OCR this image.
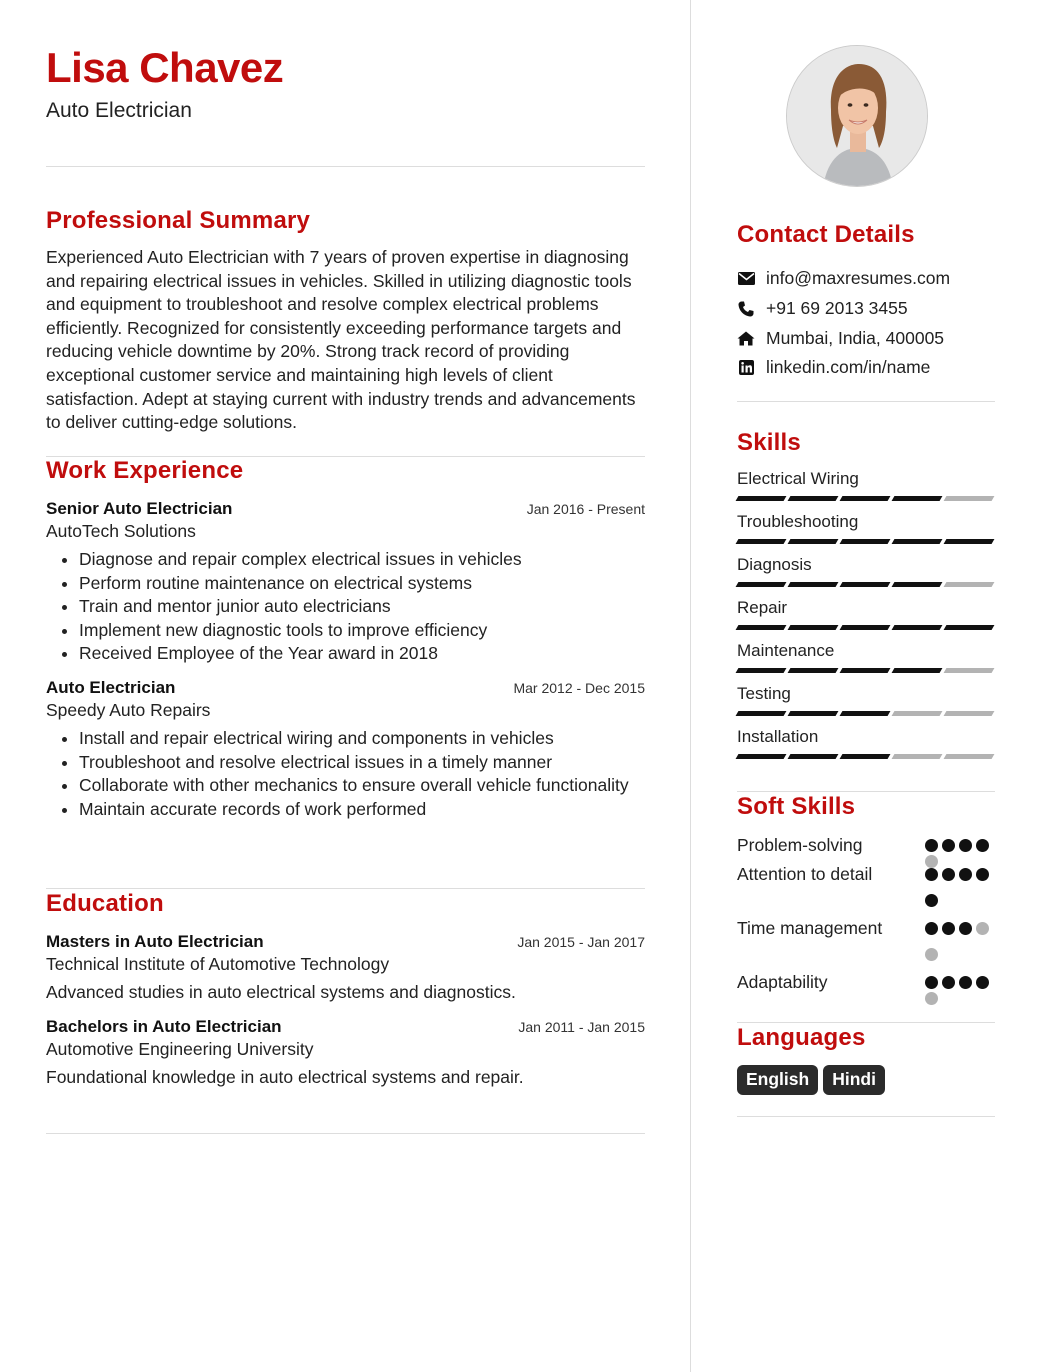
Lisa Chavez
Auto Electrician
Professional Summary
Experienced Auto Electrician with 7 years of proven expertise in diagnosing and repairing electrical issues in vehicles. Skilled in utilizing diagnostic tools and equipment to troubleshoot and resolve complex electrical problems efficiently. Recognized for consistently exceeding performance targets and reducing vehicle downtime by 20%. Strong track record of providing exceptional customer service and maintaining high levels of client satisfaction. Adept at staying current with industry trends and advancements to deliver cutting-edge solutions.
Work Experience
Senior Auto Electrician	Jan 2016 - Present
AutoTech Solutions
Diagnose and repair complex electrical issues in vehicles
Perform routine maintenance on electrical systems
Train and mentor junior auto electricians
Implement new diagnostic tools to improve efficiency
Received Employee of the Year award in 2018
Auto Electrician	Mar 2012 - Dec 2015
Speedy Auto Repairs
Install and repair electrical wiring and components in vehicles
Troubleshoot and resolve electrical issues in a timely manner
Collaborate with other mechanics to ensure overall vehicle functionality
Maintain accurate records of work performed
Education
Masters in Auto Electrician	Jan 2015 - Jan 2017
Technical Institute of Automotive Technology
Advanced studies in auto electrical systems and diagnostics.
Bachelors in Auto Electrician	Jan 2011 - Jan 2015
Automotive Engineering University
Foundational knowledge in auto electrical systems and repair.
Contact Details
info@maxresumes.com
+91 69 2013 3455
Mumbai, India, 400005
linkedin.com/in/name
Skills
Electrical Wiring
Troubleshooting
Diagnosis
Repair
Maintenance
Testing
Installation
Soft Skills
Problem-solving
Attention to detail
Time management
Adaptability
Languages
English Hindi
